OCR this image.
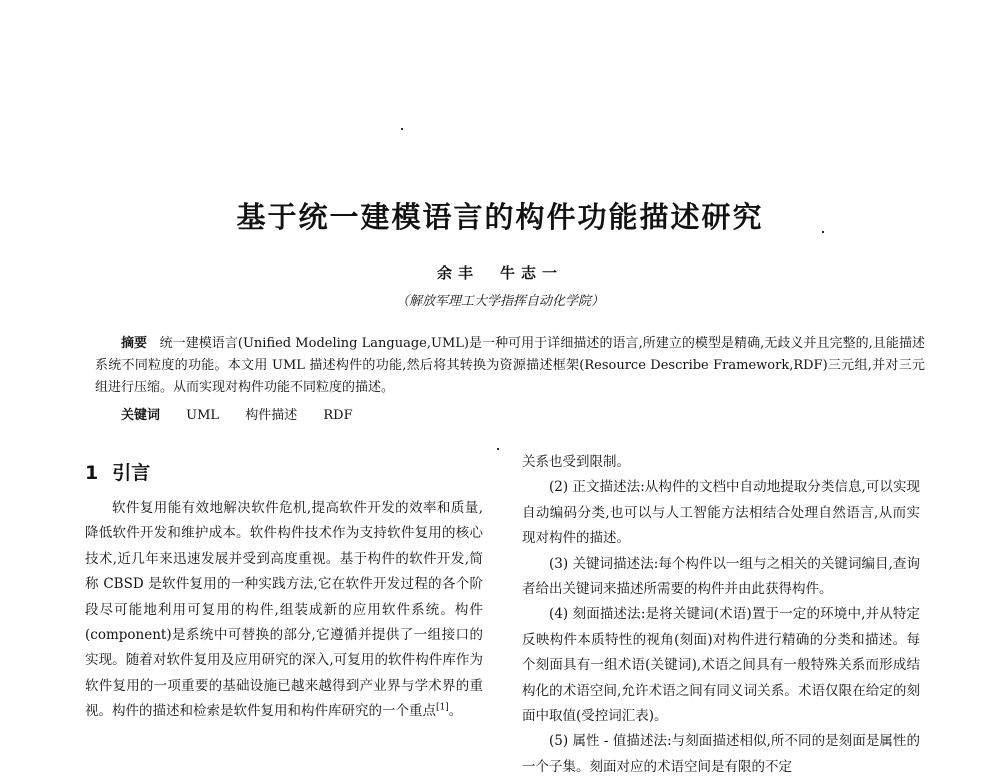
基于统一建模语言的构件功能描述研究
余丰　牛志一
（解放军理工大学指挥自动化学院）
摘要 统一建模语言(Unified Modeling Language,UML)是一种可用于详细描述的语言,所建立的模型是精确,无歧义并且完整的,且能描述系统不同粒度的功能。本文用 UML 描述构件的功能,然后将其转换为资源描述框架(Resource Describe Framework,RDF)三元组,并对三元组进行压缩。从而实现对构件功能不同粒度的描述。
关键词 UML 构件描述 RDF
1 引言

软件复用能有效地解决软件危机,提高软件开发的效率和质量,降低软件开发和维护成本。软件构件技术作为支持软件复用的核心技术,近几年来迅速发展并受到高度重视。基于构件的软件开发,简称 CBSD 是软件复用的一种实践方法,它在软件开发过程的各个阶段尽可能地利用可复用的构件,组装成新的应用软件系统。构件(component)是系统中可替换的部分,它遵循并提供了一组接口的实现。随着对软件复用及应用研究的深入,可复用的软件构件库作为软件复用的一项重要的基础设施已越来越得到产业界与学术界的重视。构件的描述和检索是软件复用和构件库研究的一个重点[1]。

关系也受到限制。

(2) 正文描述法:从构件的文档中自动地提取分类信息,可以实现自动编码分类,也可以与人工智能方法相结合处理自然语言,从而实现对构件的描述。

(3) 关键词描述法:每个构件以一组与之相关的关键词编目,查询者给出关键词来描述所需要的构件并由此获得构件。

(4) 刻面描述法:是将关键词(术语)置于一定的环境中,并从特定反映构件本质特性的视角(刻面)对构件进行精确的分类和描述。每个刻面具有一组术语(关键词),术语之间具有一般特殊关系而形成结构化的术语空间,允许术语之间有同义词关系。术语仅限在给定的刻面中取值(受控词汇表)。

(5) 属性 - 值描述法:与刻面描述相似,所不同的是刻面是属性的一个子集。刻面对应的术语空间是有限的不定
